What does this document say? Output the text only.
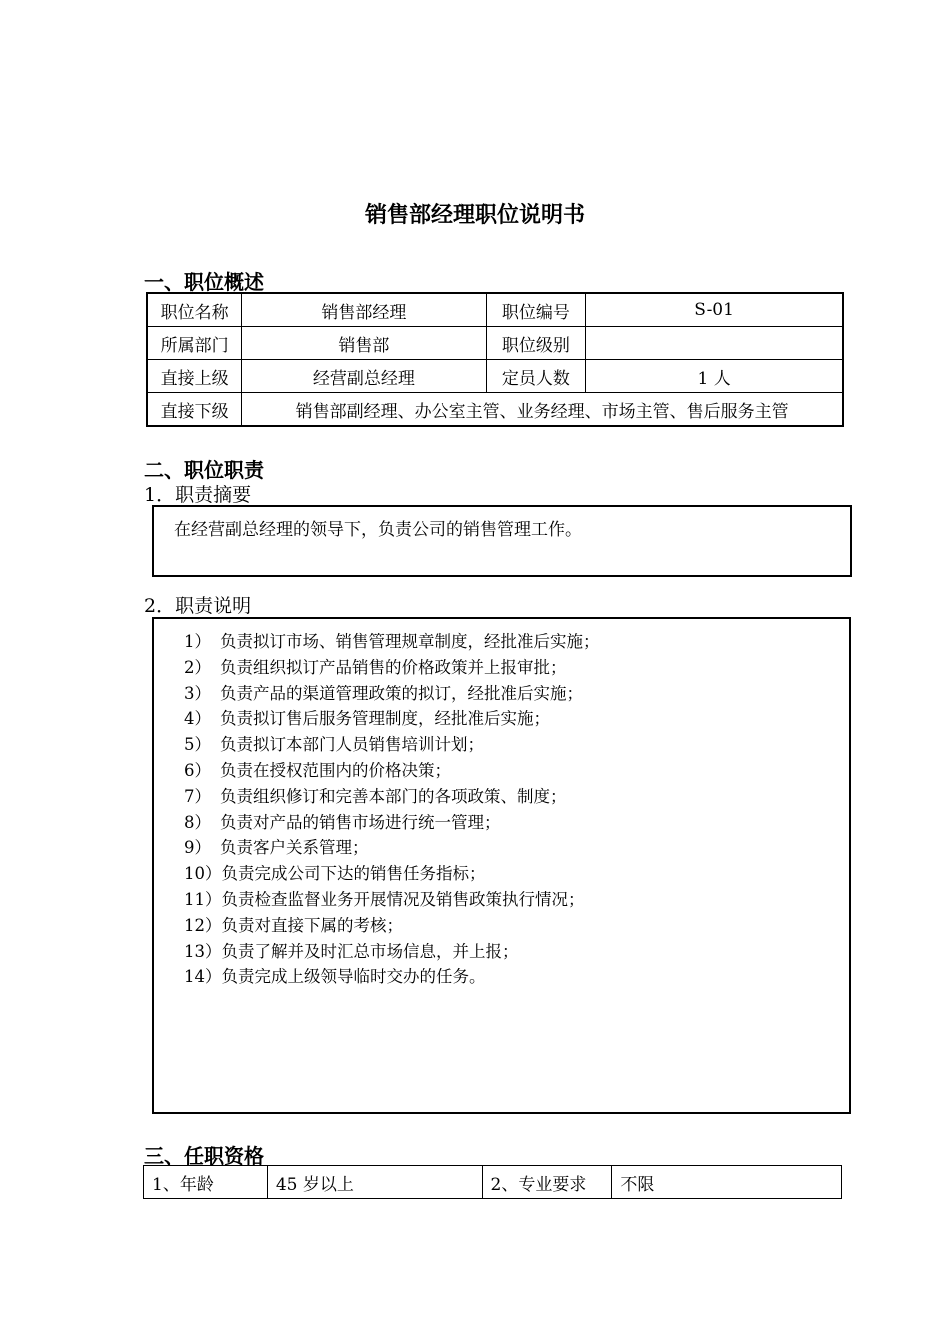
销售部经理职位说明书
一、职位概述
职位名称	销售部经理	职位编号	S-01
所属部门	销售部	职位级别	
直接上级	经营副总经理	定员人数	1 人
直接下级	销售部副经理、办公室主管、业务经理、市场主管、售后服务主管		
二、职位职责
1．职责摘要
在经营副总经理的领导下，负责公司的销售管理工作。
2．职责说明
1） 负责拟订市场、销售管理规章制度，经批准后实施；
2） 负责组织拟订产品销售的价格政策并上报审批；
3） 负责产品的渠道管理政策的拟订，经批准后实施；
4） 负责拟订售后服务管理制度，经批准后实施；
5） 负责拟订本部门人员销售培训计划；
6） 负责在授权范围内的价格决策；
7） 负责组织修订和完善本部门的各项政策、制度；
8） 负责对产品的销售市场进行统一管理；
9） 负责客户关系管理；
10）负责完成公司下达的销售任务指标；
11）负责检查监督业务开展情况及销售政策执行情况；
12）负责对直接下属的考核；
13）负责了解并及时汇总市场信息，并上报；
14）负责完成上级领导临时交办的任务。
三、任职资格
1、年龄	45 岁以上	2、专业要求	不限
